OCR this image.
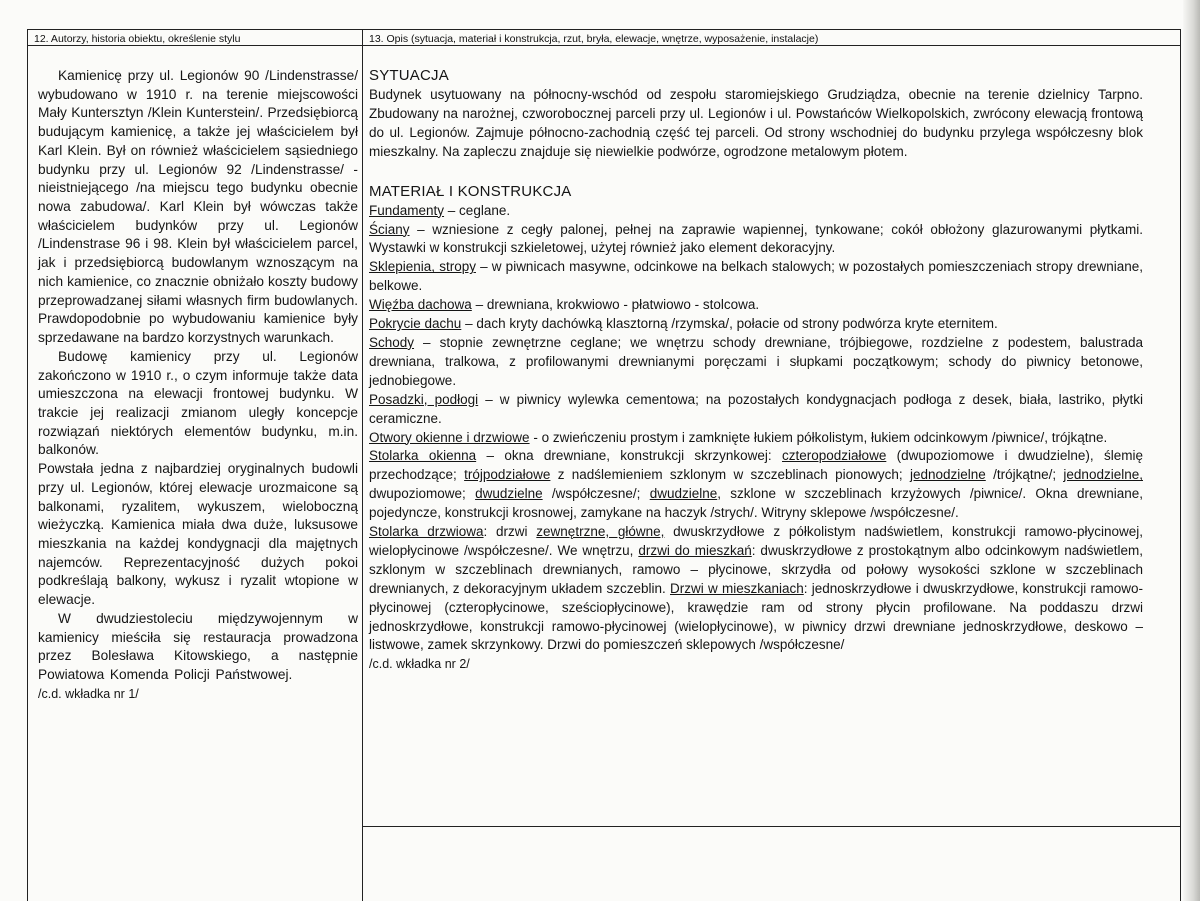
12. Autorzy, historia obiektu, określenie stylu	13. Opis (sytuacja, materiał i konstrukcja, rzut, bryła, elewacje, wnętrze, wyposażenie, instalacje)

Kamienicę przy ul. Legionów 90 /Lindenstrasse/ wybudowano w 1910 r. na terenie miejscowości Mały Kuntersztyn /Klein Kunterstein/. Przedsiębiorcą budującym kamienicę, a także jej właścicielem był Karl Klein. Był on również właścicielem sąsiedniego budynku przy ul. Legionów 92 /Lindenstrasse/ - nieistniejącego /na miejscu tego budynku obecnie nowa zabudowa/. Karl Klein był wówczas także właścicielem budynków przy ul. Legionów /Lindenstrase 96 i 98. Klein był właścicielem parcel, jak i przedsiębiorcą budowlanym wznoszącym na nich kamienice, co znacznie obniżało koszty budowy przeprowadzanej siłami własnych firm budowlanych. Prawdopodobnie po wybudowaniu kamienice były sprzedawane na bardzo korzystnych warunkach.

Budowę kamienicy przy ul. Legionów zakończono w 1910 r., o czym informuje także data umieszczona na elewacji frontowej budynku. W trakcie jej realizacji zmianom uległy koncepcje rozwiązań niektórych elementów budynku, m.in. balkonów.

Powstała jedna z najbardziej oryginalnych budowli przy ul. Legionów, której elewacje urozmaicone są balkonami, ryzalitem, wykuszem, wieloboczną wieżyczką. Kamienica miała dwa duże, luksusowe mieszkania na każdej kondygnacji dla majętnych najemców. Reprezentacyjność dużych pokoi podkreślają balkony, wykusz i ryzalit wtopione w elewacje.

W dwudziestoleciu międzywojennym w kamienicy mieściła się restauracja prowadzona przez Bolesława Kitowskiego, a następnie Powiatowa Komenda Policji Państwowej. /c.d. wkładka nr 1/

SYTUACJA

Budynek usytuowany na północny-wschód od zespołu staromiejskiego Grudziądza, obecnie na terenie dzielnicy Tarpno. Zbudowany na narożnej, czworobocznej parceli przy ul. Legionów i ul. Powstańców Wielkopolskich, zwrócony elewacją frontową do ul. Legionów. Zajmuje północno-zachodnią część tej parceli. Od strony wschodniej do budynku przylega współczesny blok mieszkalny. Na zapleczu znajduje się niewielkie podwórze, ogrodzone metalowym płotem.

MATERIAŁ I KONSTRUKCJA

Fundamenty – ceglane.

Ściany – wzniesione z cegły palonej, pełnej na zaprawie wapiennej, tynkowane; cokół obłożony glazurowanymi płytkami. Wystawki w konstrukcji szkieletowej, użytej również jako element dekoracyjny.

Sklepienia, stropy – w piwnicach masywne, odcinkowe na belkach stalowych; w pozostałych pomieszczeniach stropy drewniane, belkowe.

Więźba dachowa – drewniana, krokwiowo - płatwiowo - stolcowa.

Pokrycie dachu – dach kryty dachówką klasztorną /rzymska/, połacie od strony podwórza kryte eternitem.

Schody – stopnie zewnętrzne ceglane; we wnętrzu schody drewniane, trójbiegowe, rozdzielne z podestem, balustrada drewniana, tralkowa, z profilowanymi drewnianymi poręczami i słupkami początkowym; schody do piwnicy betonowe, jednobiegowe.

Posadzki, podłogi – w piwnicy wylewka cementowa; na pozostałych kondygnacjach podłoga z desek, biała, lastriko, płytki ceramiczne.

Otwory okienne i drzwiowe - o zwieńczeniu prostym i zamknięte łukiem półkolistym, łukiem odcinkowym /piwnice/, trójkątne.

Stolarka okienna – okna drewniane, konstrukcji skrzynkowej: czteropodziałowe (dwupoziomowe i dwudzielne), ślemię przechodzące; trójpodziałowe z nadślemieniem szklonym w szczeblinach pionowych; jednodzielne /trójkątne/; jednodzielne, dwupoziomowe; dwudzielne /współczesne/; dwudzielne, szklone w szczeblinach krzyżowych /piwnice/. Okna drewniane, pojedyncze, konstrukcji krosnowej, zamykane na haczyk /strych/. Witryny sklepowe /współczesne/.

Stolarka drzwiowa: drzwi zewnętrzne, główne, dwuskrzydłowe z półkolistym nadświetlem, konstrukcji ramowo-płycinowej, wielopłycinowe /współczesne/. We wnętrzu, drzwi do mieszkań: dwuskrzydłowe z prostokątnym albo odcinkowym nadświetlem, szklonym w szczeblinach drewnianych, ramowo – płycinowe, skrzydła od połowy wysokości szklone w szczeblinach drewnianych, z dekoracyjnym układem szczeblin. Drzwi w mieszkaniach: jednoskrzydłowe i dwuskrzydłowe, konstrukcji ramowo-płycinowej (czteropłycinowe, sześciopłycinowe), krawędzie ram od strony płycin profilowane. Na poddaszu drzwi jednoskrzydłowe, konstrukcji ramowo-płycinowej (wielopłycinowe), w piwnicy drzwi drewniane jednoskrzydłowe, deskowo – listwowe, zamek skrzynkowy. Drzwi do pomieszczeń sklepowych /współczesne/

/c.d. wkładka nr 2/
